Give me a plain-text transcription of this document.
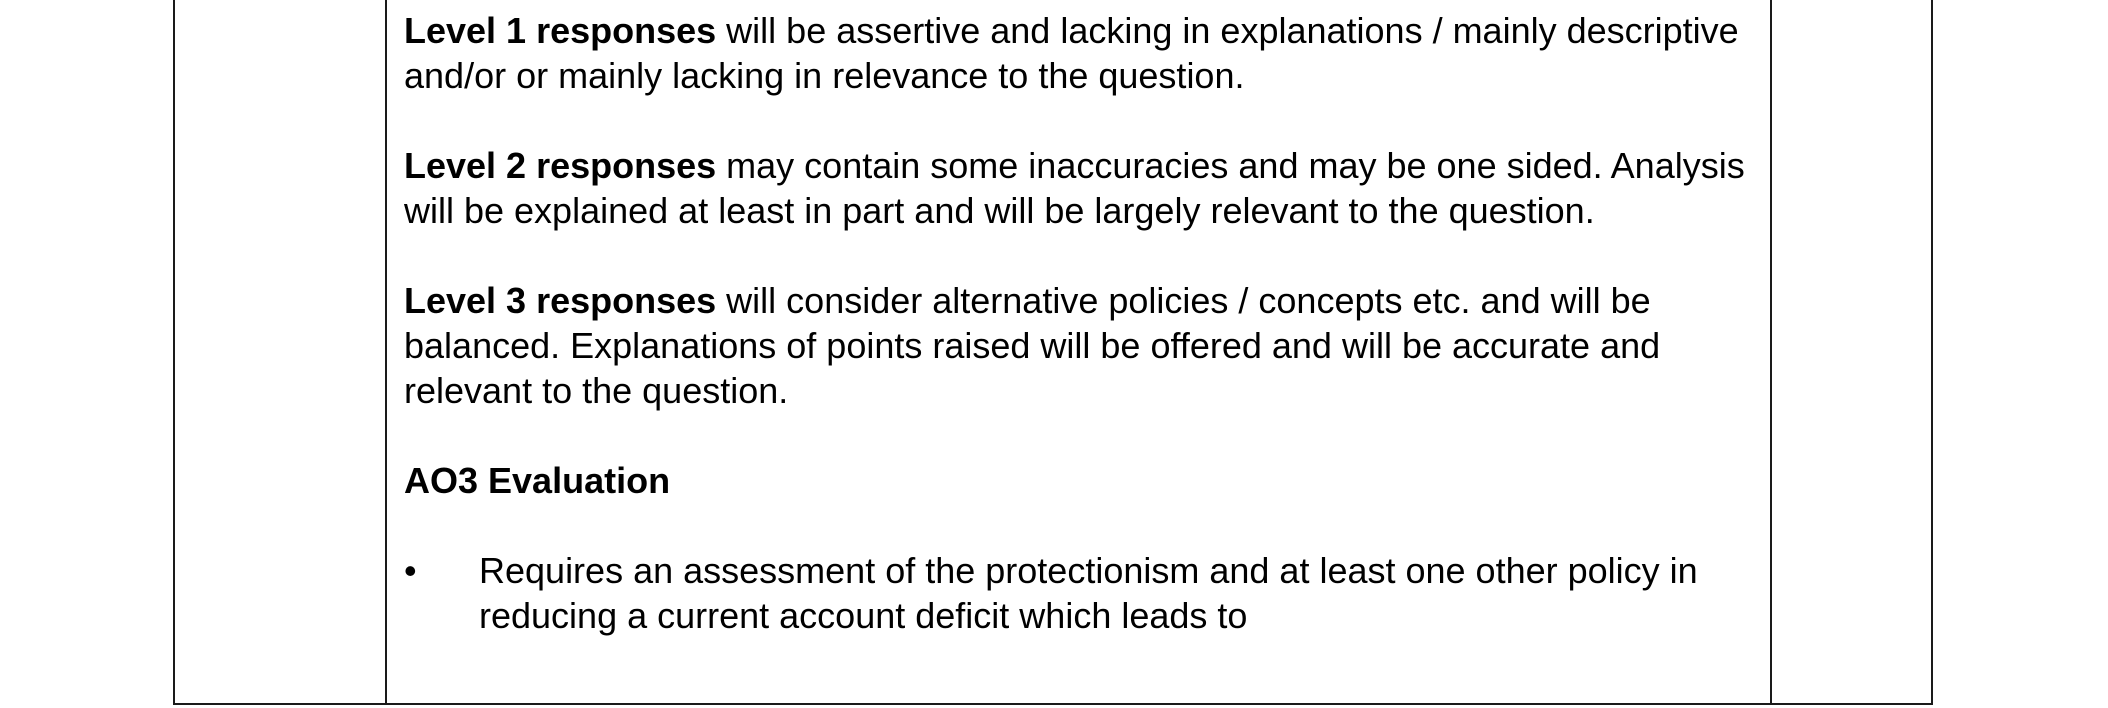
Level 1 responses will be assertive and lacking in explanations / mainly descriptive and/or or mainly lacking in relevance to the question.

Level 2 responses may contain some inaccuracies and may be one sided. Analysis will be explained at least in part and will be largely relevant to the question.

Level 3 responses will consider alternative policies / concepts etc. and will be balanced. Explanations of points raised will be offered and will be accurate and relevant to the question.

AO3 Evaluation
• Requires an assessment of the protectionism and at least one other policy in reducing a current account deficit which leads to
